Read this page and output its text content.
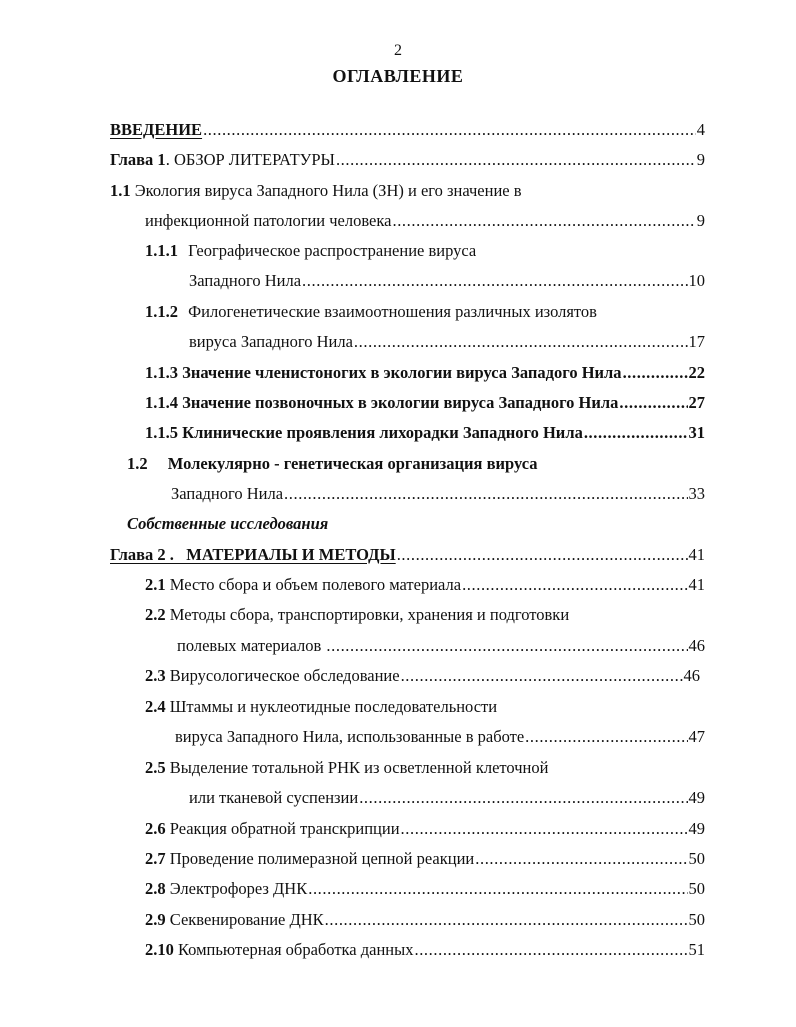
2
ОГЛАВЛЕНИЕ
ВВЕДЕНИЕ .....	4
Глава 1. ОБЗОР ЛИТЕРАТУРЫ .....	9
1.1 Экология вируса Западного Нила (ЗН) и его значение в
инфекционной патологии человека .....	9
1.1.1 Географическое распространение вируса
Западного Нила .....	10
1.1.2 Филогенетические взаимоотношения различных изолятов
вируса Западного Нила .....	17
1.1.3 Значение членистоногих в экологии вируса Западого Нила .....	22
1.1.4 Значение позвоночных в экологии вируса Западного Нила .....	27
1.1.5 Клинические проявления лихорадки Западного Нила .....	31
1.2 Молекулярно - генетическая организация вируса
Западного Нила .....	33
Собственные исследования
Глава 2 .   МАТЕРИАЛЫ И МЕТОДЫ .....	41
2.1 Место сбора и объем полевого материала .....	41
2.2 Методы сбора, транспортировки, хранения и подготовки
полевых материалов .....	46
2.3 Вирусологическое обследование .....	46
2.4 Штаммы и нуклеотидные последовательности
вируса Западного Нила, использованные в работе .....	47
2.5 Выделение тотальной РНК из осветленной клеточной
или тканевой суспензии .....	49
2.6 Реакция обратной транскрипции .....	49
2.7 Проведение полимеразной цепной реакции .....	50
2.8 Электрофорез ДНК .....	50
2.9 Секвенирование ДНК .....	50
2.10 Компьютерная обработка данных .....	51
